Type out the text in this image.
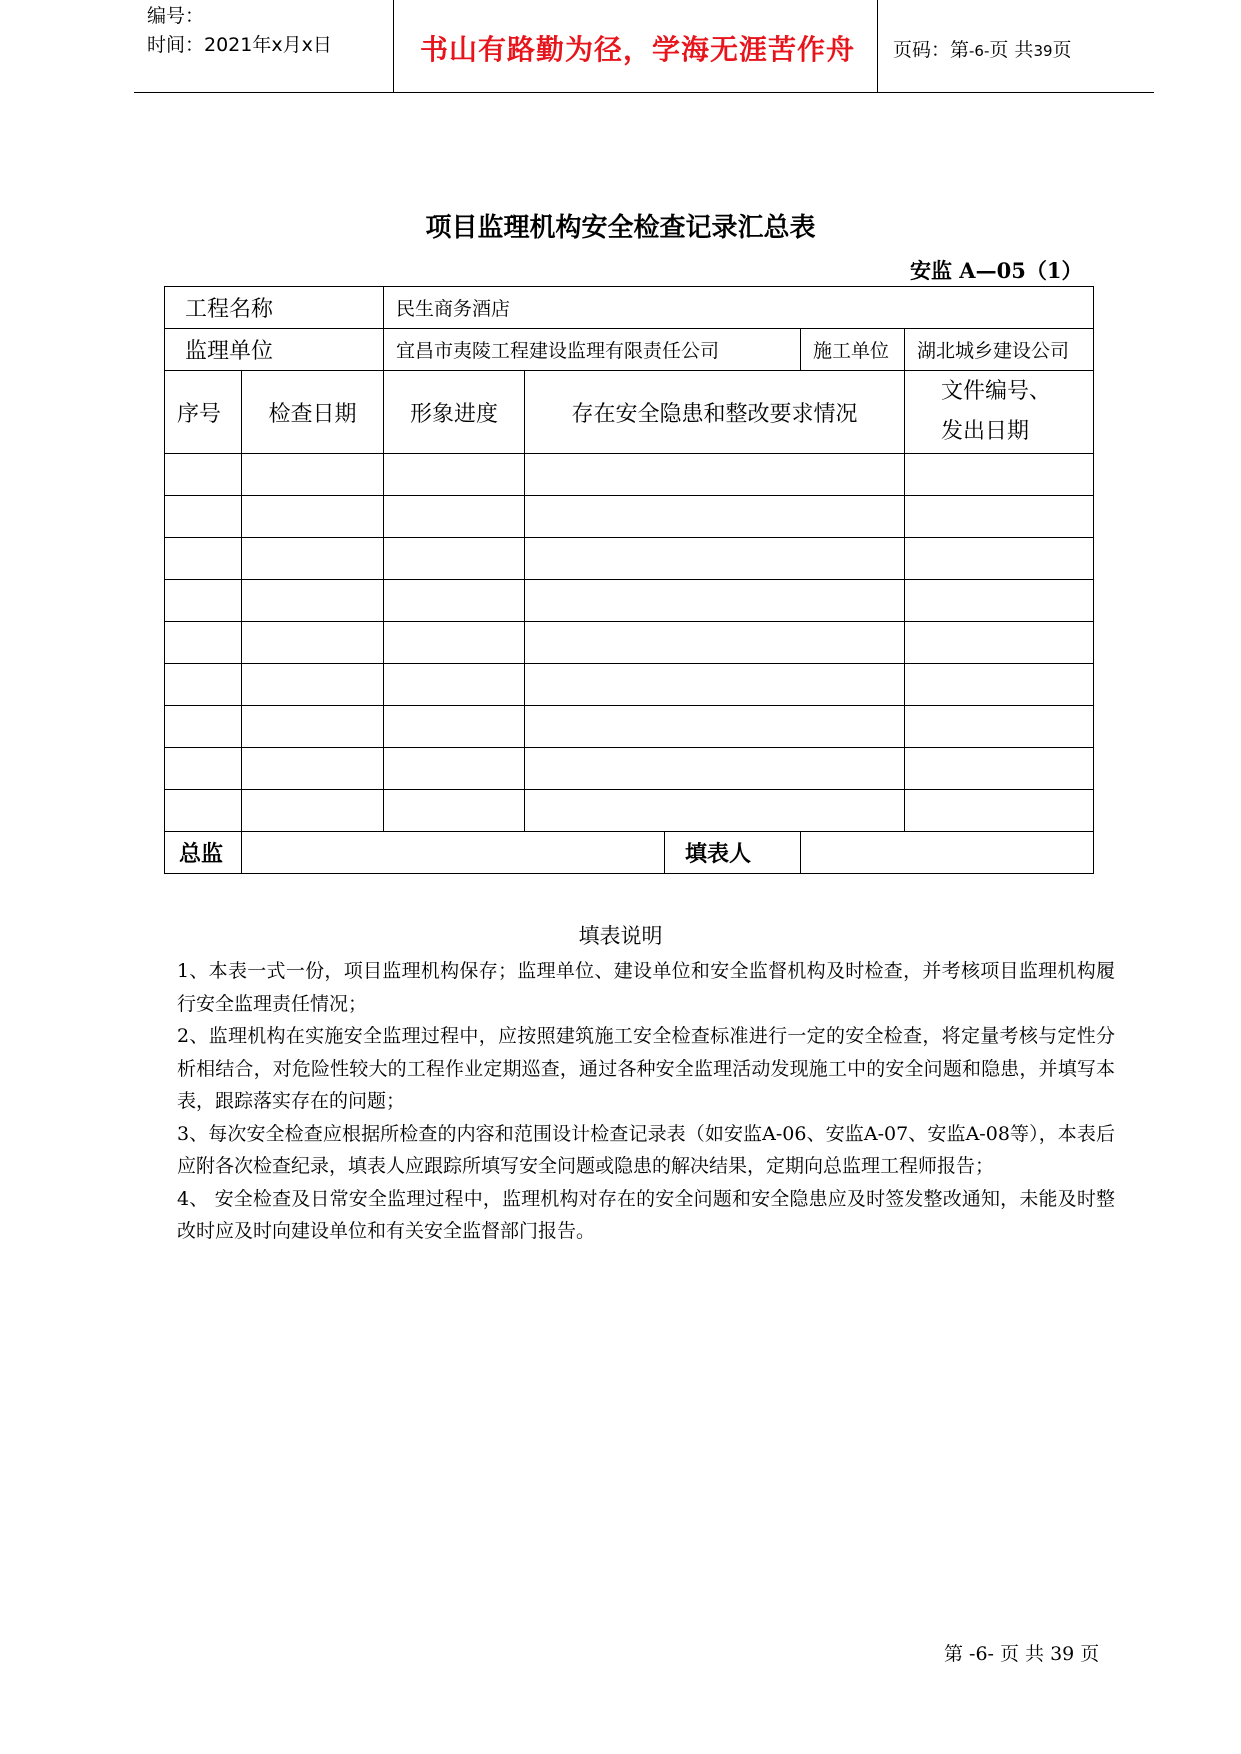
编号：
时间：2021年x月x日	书山有路勤为径，学海无涯苦作舟 页码：第-6-页 共39页
项目监理机构安全检查记录汇总表
安监 A—05（1）
工程名称		民生商务酒店				
监理单位		宜昌市夷陵工程建设监理有限责任公司			施工单位	湖北城乡建设公司
序号	检查日期	形象进度	存在安全隐患和整改要求情况			文件编号、
发出日期

总监				填表人		
填表说明

1、本表一式一份，项目监理机构保存；监理单位、建设单位和安全监督机构及时检查，并考核项目监理机构履行安全监理责任情况；

2、监理机构在实施安全监理过程中，应按照建筑施工安全检查标准进行一定的安全检查，将定量考核与定性分析相结合，对危险性较大的工程作业定期巡查，通过各种安全监理活动发现施工中的安全问题和隐患，并填写本表，跟踪落实存在的问题；

3、每次安全检查应根据所检查的内容和范围设计检查记录表（如安监A-06、安监A-07、安监A-08等），本表后应附各次检查纪录，填表人应跟踪所填写安全问题或隐患的解决结果，定期向总监理工程师报告；

4、 安全检查及日常安全监理过程中，监理机构对存在的安全问题和安全隐患应及时签发整改通知，未能及时整改时应及时向建设单位和有关安全监督部门报告。

第 -6- 页 共 39 页
